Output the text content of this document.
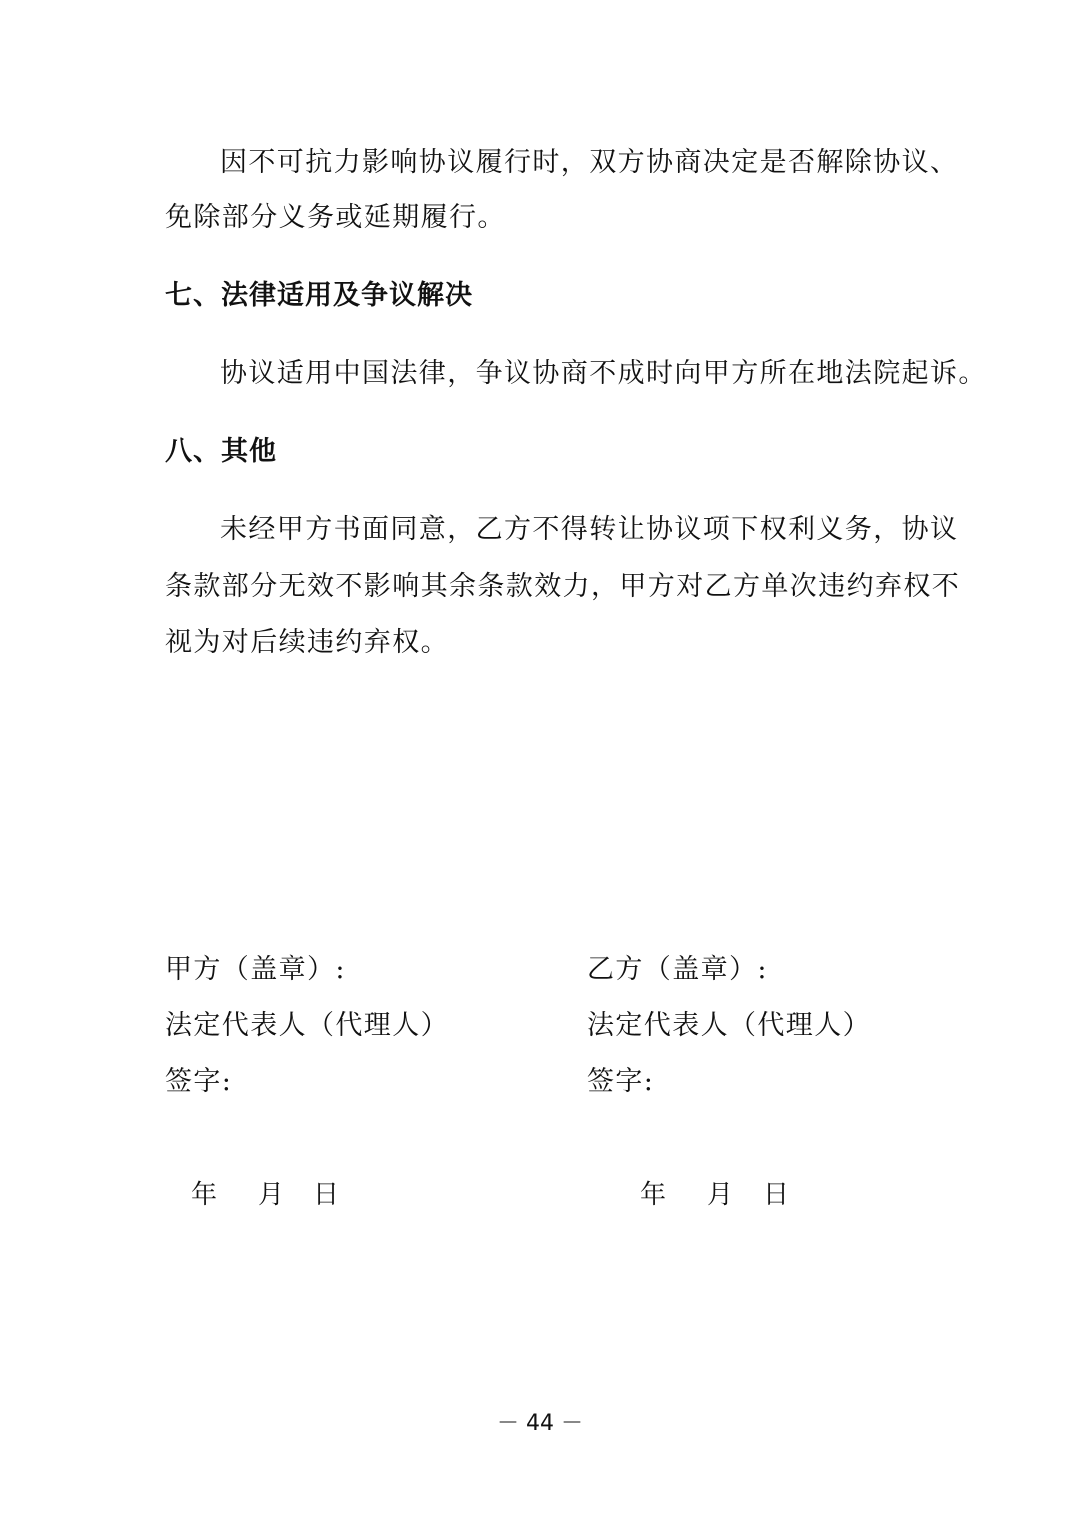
因不可抗力影响协议履行时，双方协商决定是否解除协议、
免除部分义务或延期履行。
七、法律适用及争议解决
协议适用中国法律，争议协商不成时向甲方所在地法院起诉。
八、其他
未经甲方书面同意，乙方不得转让协议项下权利义务，协议
条款部分无效不影响其余条款效力，甲方对乙方单次违约弃权不
视为对后续违约弃权。
甲方（盖章）:
法定代表人（代理人）
签字:
年 月 日
乙方（盖章）:
法定代表人（代理人）
签字:
年 月 日
－ 44 －
